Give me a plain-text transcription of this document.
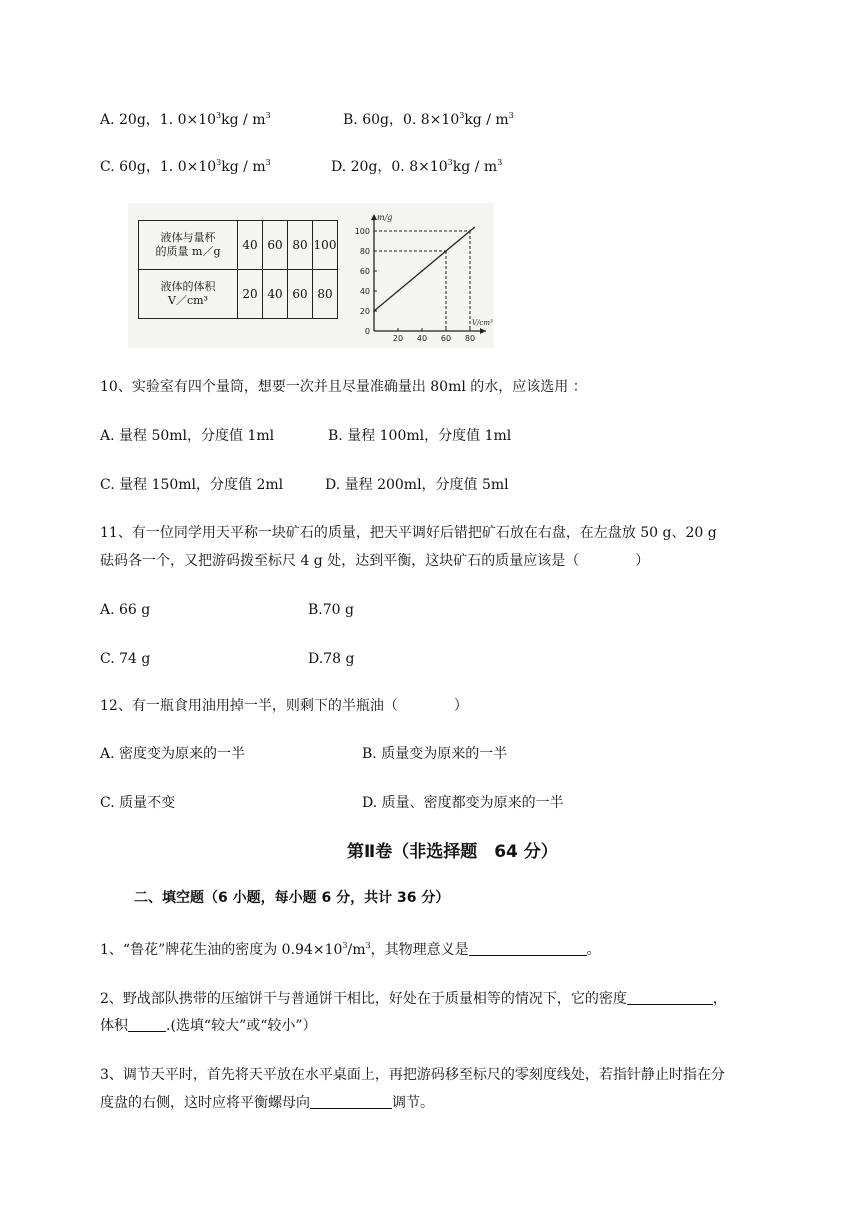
A. 20g，1. $0\times 10^3kg / m^3$	B. 60g，0. $8\times 10^3kg / m^3$
C. 60g，1. $0\times 10^3kg / m^3$	D. 20g，0. $8\times 10^3kg / m^3$
液体与量杯
的质量 m／g	40	60	80	100

液体的体积
V／cm³	20	40	60	80
0
20
40
60
80
100
20 40 60 80
m/g
V/cm³
10、实验室有四个量筒，想要一次并且尽量准确量出 80ml 的水，应该选用 ：
A. 量程 50ml，分度值 1ml	B. 量程 100ml，分度值 1ml
C. 量程 150ml，分度值 2ml	D. 量程 200ml，分度值 5ml
11、有一位同学用天平称一块矿石的质量，把天平调好后错把矿石放在右盘，在左盘放 50 g、20 g
砝码各一个，又把游码拨至标尺 4 g 处，达到平衡，这块矿石的质量应该是（　　　　）
A. 66 g	B.70 g
C. 74 g	D.78 g
12、有一瓶食用油用掉一半，则剩下的半瓶油（　　　　）
A. 密度变为原来的一半	B. 质量变为原来的一半
C. 质量不变	D. 质量、密度都变为原来的一半
第Ⅱ卷（非选择题　64 分）
二、填空题（6 小题，每小题 6 分，共计 36 分）
1、“鲁花”牌花生油的密度为 $0.94\times 10^3/m^3$，其物理意义是	。
2、野战部队携带的压缩饼干与普通饼干相比，好处在于质量相等的情况下，它的密度	，
体积	.(选填“较大”或“较小”）
3、调节天平时，首先将天平放在水平桌面上，再把游码移至标尺的零刻度线处，若指针静止时指在分
度盘的右侧，这时应将平衡螺母向	调节。
